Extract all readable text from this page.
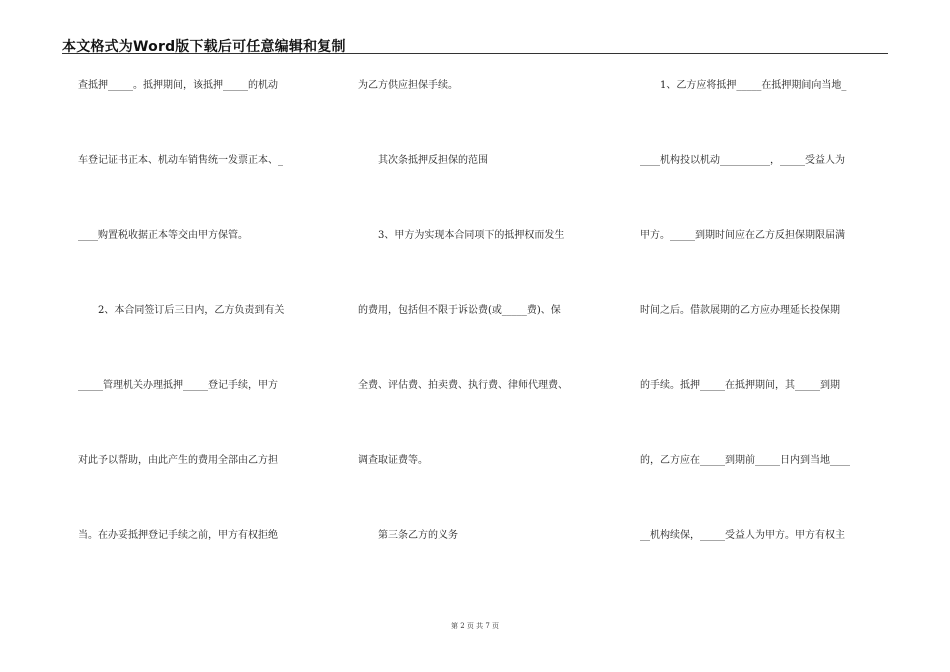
本文格式为Word版下载后可任意编辑和复制
查抵押_____。抵押期间，该抵押_____的机动
车登记证书正本、机动车销售统一发票正本、_
____购置税收据正本等交由甲方保管。
　　2、本合同签订后三日内，乙方负责到有关
_____管理机关办理抵押_____登记手续，甲方
对此予以帮助，由此产生的费用全部由乙方担
当。在办妥抵押登记手续之前，甲方有权拒绝
为乙方供应担保手续。
　　其次条抵押反担保的范围
　　3、甲方为实现本合同项下的抵押权而发生
的费用，包括但不限于诉讼费(或_____费)、保
全费、评估费、拍卖费、执行费、律师代理费、
调查取证费等。
　　第三条乙方的义务
　　1、乙方应将抵押_____在抵押期间向当地_
____机构投以机动__________，_____受益人为
甲方。_____到期时间应在乙方反担保期限届满
时间之后。借款展期的乙方应办理延长投保期
的手续。抵押_____在抵押期间，其_____到期
的，乙方应在_____到期前_____日内到当地____
__机构续保，_____受益人为甲方。甲方有权主
第 2 页 共 7 页
